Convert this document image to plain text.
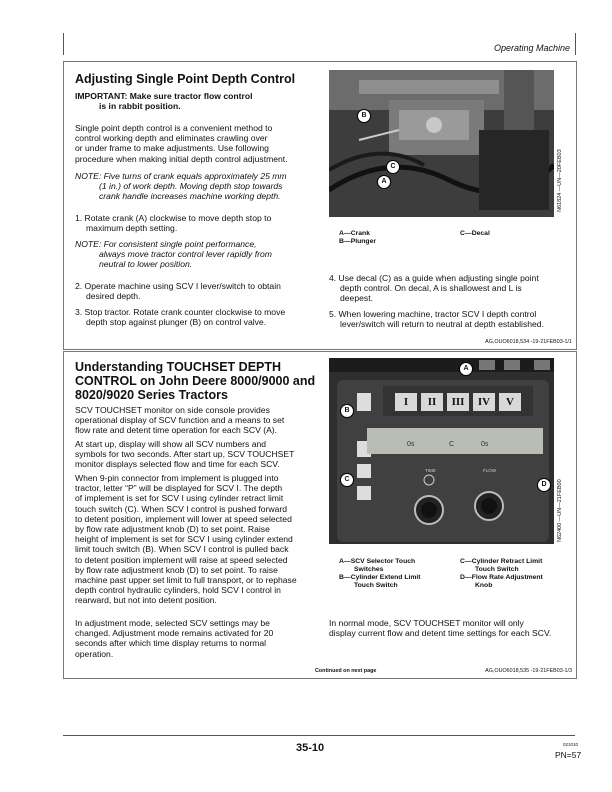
Operating Machine
Adjusting Single Point Depth Control
IMPORTANT: Make sure tractor flow control
is in rabbit position.
Single point depth control is a convenient method to
control working depth and eliminates crawling over
or under frame to make adjustments. Use following
procedure when making initial depth control adjustment.
NOTE: Five turns of crank equals approximately 25 mm
(1 in.) of work depth. Moving depth stop towards
crank handle increases machine working depth.
1. Rotate crank (A) clockwise to move depth stop to
maximum depth setting.
NOTE: For consistent single point performance,
always move tractor control lever rapidly from
neutral to lower position.
2. Operate machine using SCV I lever/switch to obtain
desired depth.
3. Stop tractor. Rotate crank counter clockwise to move
depth stop against plunger (B) on control valve.
B
C
A	N61824 —UN—20FEB03
A—Crank
B—Plunger
C—Decal
4. Use decal (C) as a guide when adjusting single point
depth control. On decal, A is shallowest and L is
deepest.
5. When lowering machine, tractor SCV I depth control
lever/switch will return to neutral at depth established.
AG,OUO6018,534 -19-21FEB03-1/1
Understanding TOUCHSET DEPTH
CONTROL on John Deere 8000/9000 and
8020/9020 Series Tractors
SCV TOUCHSET monitor on side console provides
operational display of SCV function and a means to set
flow rate and detent time operation for each SCV (A).
At start up, display will show all SCV numbers and
symbols for two seconds. After start up, SCV TOUCHSET
monitor displays selected flow and time for each SCV.
When 9-pin connector from implement is plugged into
tractor, letter “P” will be displayed for SCV I. The depth
of implement is set for SCV I using cylinder retract limit
touch switch (C). When SCV I control is pushed forward
to detent position, implement will lower at speed selected
by flow rate adjustment knob (D) to set point. Raise
height of implement is set for SCV I using cylinder extend
limit touch switch (B). When SCV I control is pulled back
to detent position implement will raise at speed selected
by flow rate adjustment knob (D) to set point. To raise
machine past upper set limit to full transport, or to rephase
depth control hydraulic cylinders, hold SCV I control in
rearward, but not into detent position.
In adjustment mode, selected SCV settings may be
changed. Adjustment mode remains activated for 20
seconds after which time display returns to normal
operation.
0s	C	0s
TIME	FLOW
I	II	III	IV	V
A
B
C
D	N62400 —UN—21FEB00
A—SCV Selector Touch
Switches
B—Cylinder Extend Limit
Touch Switch
C—Cylinder Retract Limit
Touch Switch
D—Flow Rate Adjustment
Knob
In normal mode, SCV TOUCHSET monitor will only
display current flow and detent time settings for each SCV.
Continued on next page	AG,OUO6018,535 -19-21FEB03-1/3
35-10	021010
PN=57
